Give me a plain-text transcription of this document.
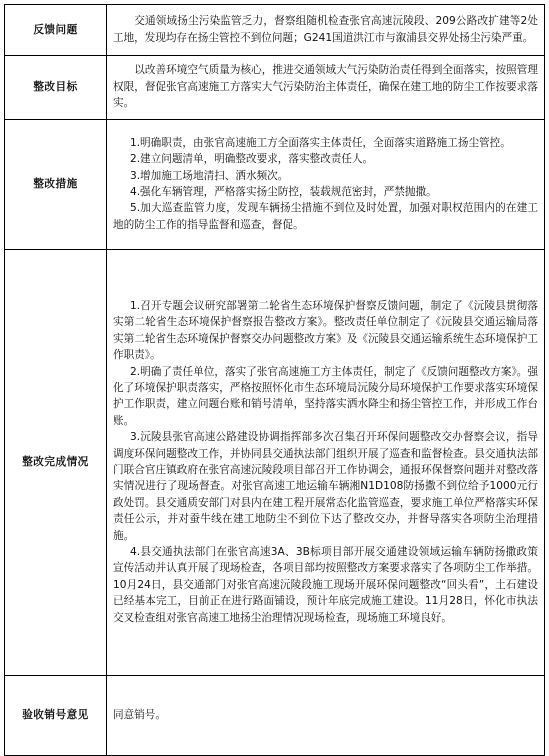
反馈问题	交通领域扬尘污染监管乏力，督察组随机检查张官高速沅陵段、209公路改扩建等2处工地，发现均存在扬尘管控不到位问题；G241国道洪江市与溆浦县交界处扬尘污染严重。

整改目标	以改善环境空气质量为核心，推进交通领域大气污染防治责任得到全面落实，按照管理权限，督促张官高速施工方落实大气污染防治主体责任，确保在建工地的防尘工作按要求落实。

整改措施	1.明确职责，由张官高速施工方全面落实主体责任，全面落实道路施工扬尘管控。

2.建立问题清单，明确整改要求，落实整改责任人。

3.增加施工场地清扫、洒水频次。

4.强化车辆管理，严格落实扬尘防控，装载规范密封，严禁抛撒。

5.加大巡查监管力度，发现车辆扬尘措施不到位及时处置，加强对职权范围内的在建工地的防尘工作的指导监督和巡查，督促。

整改完成情况	1.召开专题会议研究部署第二轮省生态环境保护督察反馈问题，制定了《沅陵县贯彻落实第二轮省生态环境保护督察报告整改方案》。整改责任单位制定了《沅陵县交通运输局落实第二轮省生态环境保护督察交办问题整改方案》及《沅陵县交通运输系统生态环境保护工作职责》。

2.明确了责任单位，落实了张官高速施工方主体责任，制定了《反馈问题整改方案》。强化了环境保护职责落实，严格按照怀化市生态环境局沅陵分局环境保护工作要求落实环境保护工作职责，建立问题台账和销号清单，坚持落实洒水降尘和扬尘管控工作，并形成工作台账。

3.沅陵县张官高速公路建设协调指挥部多次召集召开环保问题整改交办督察会议，指导调度环保问题整改工作，并协同县交通执法部门组织开展了巡查和监督检查。县交通执法部门联合官庄镇政府在张官高速沅陵段项目部召开工作协调会，通报环保督察问题并对整改落实情况进行了现场督查。对张官高速工地运输车辆湘N1D108防扬撒不到位给予1000元行政处罚。县交通质安部门对县内在建工程开展常态化监管巡查，要求施工单位严格落实环保责任公示，并对蚕牛线在建工地防尘不到位下达了整改交办，并督导落实各项防尘治理措施。

4.县交通执法部门在张官高速3A、3B标项目部开展交通建设领域运输车辆防扬撒政策宣传活动并认真开展了现场检查，各项目部均按照整改方案要求落实了各项防尘工作举措。10月24日，县交通部门对张官高速沅陵段施工现场开展环保问题整改“回头看”，土石建设已经基本完工，目前正在进行路面铺设，预计年底完成施工建设。11月28日，怀化市执法交叉检查组对张官高速工地扬尘治理情况现场检查，现场施工环境良好。

验收销号意见	同意销号。
